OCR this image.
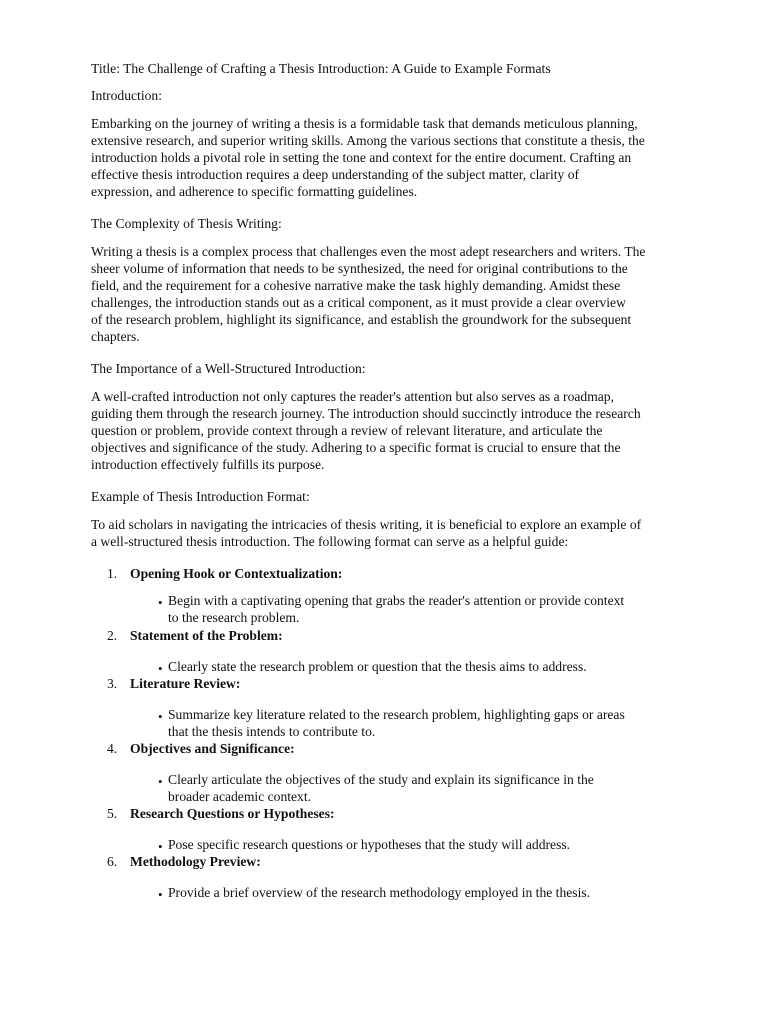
Title: The Challenge of Crafting a Thesis Introduction: A Guide to Example Formats

Introduction:

Embarking on the journey of writing a thesis is a formidable task that demands meticulous planning,
extensive research, and superior writing skills. Among the various sections that constitute a thesis, the
introduction holds a pivotal role in setting the tone and context for the entire document. Crafting an
effective thesis introduction requires a deep understanding of the subject matter, clarity of
expression, and adherence to specific formatting guidelines.

The Complexity of Thesis Writing:

Writing a thesis is a complex process that challenges even the most adept researchers and writers. The
sheer volume of information that needs to be synthesized, the need for original contributions to the
field, and the requirement for a cohesive narrative make the task highly demanding. Amidst these
challenges, the introduction stands out as a critical component, as it must provide a clear overview
of the research problem, highlight its significance, and establish the groundwork for the subsequent
chapters.

The Importance of a Well-Structured Introduction:

A well-crafted introduction not only captures the reader's attention but also serves as a roadmap,
guiding them through the research journey. The introduction should succinctly introduce the research
question or problem, provide context through a review of relevant literature, and articulate the
objectives and significance of the study. Adhering to a specific format is crucial to ensure that the
introduction effectively fulfills its purpose.

Example of Thesis Introduction Format:

To aid scholars in navigating the intricacies of thesis writing, it is beneficial to explore an example of
a well-structured thesis introduction. The following format can serve as a helpful guide:

1. Opening Hook or Contextualization:
• Begin with a captivating opening that grabs the reader's attention or provide context
to the research problem.
2. Statement of the Problem:
• Clearly state the research problem or question that the thesis aims to address.
3. Literature Review:
• Summarize key literature related to the research problem, highlighting gaps or areas
that the thesis intends to contribute to.
4. Objectives and Significance:
• Clearly articulate the objectives of the study and explain its significance in the
broader academic context.
5. Research Questions or Hypotheses:
• Pose specific research questions or hypotheses that the study will address.
6. Methodology Preview:
• Provide a brief overview of the research methodology employed in the thesis.
